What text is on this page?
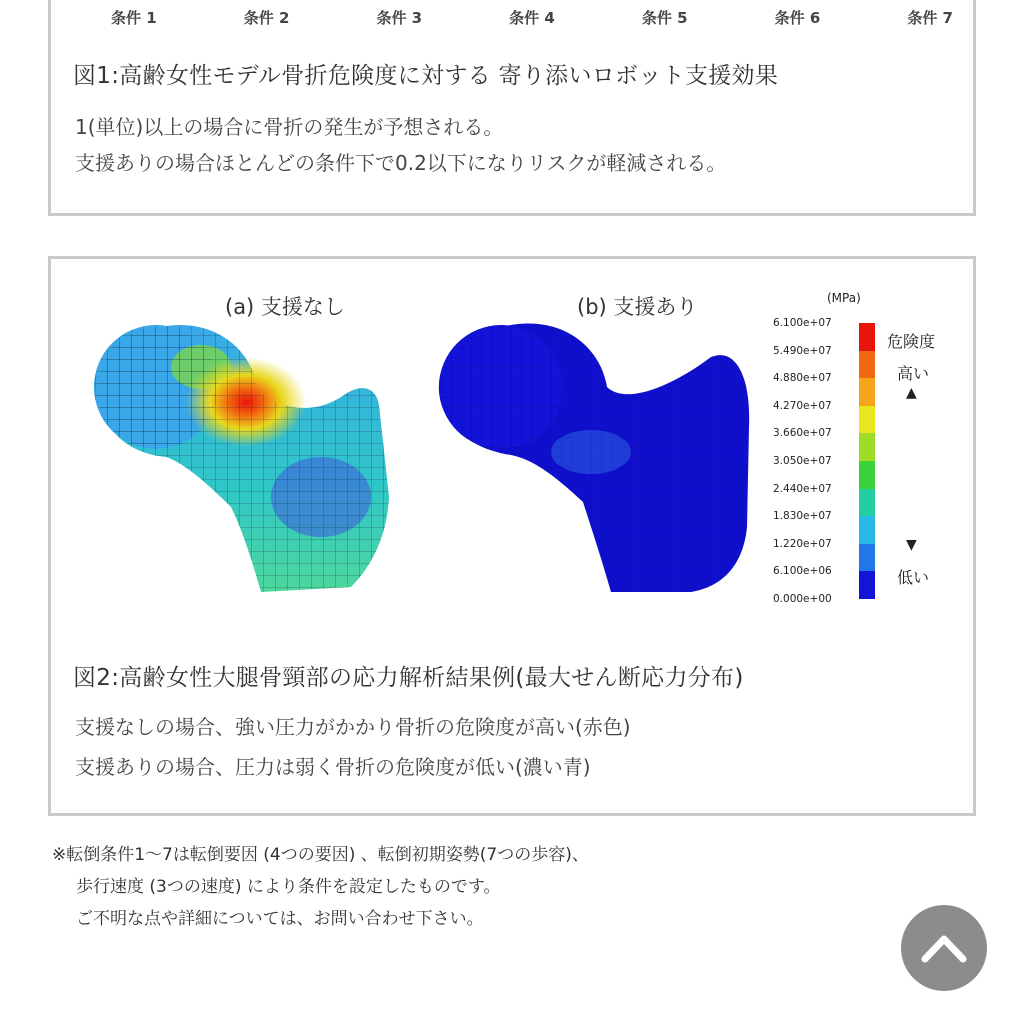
条件 1	条件 2	条件 3	条件 4	条件 5	条件 6	条件 7
図1:高齢女性モデル骨折危険度に対する 寄り添いロボット支援効果
1(単位)以上の場合に骨折の発生が予想される。
支援ありの場合ほとんどの条件下で0.2以下になりリスクが軽減される。
(a) 支援なし	(b) 支援あり	(MPa)
6.100e+07
5.490e+07
4.880e+07
4.270e+07
3.660e+07
3.050e+07
2.440e+07
1.830e+07
1.220e+07
6.100e+06
0.000e+00
危険度
高い
▲
▼
低い
図2:高齢女性大腿骨頸部の応力解析結果例(最大せん断応力分布)
支援なしの場合、強い圧力がかかり骨折の危険度が高い(赤色)
支援ありの場合、圧力は弱く骨折の危険度が低い(濃い青)
※転倒条件1〜7は転倒要因 (4つの要因) 、転倒初期姿勢(7つの歩容)、
歩行速度 (3つの速度) により条件を設定したものです。
ご不明な点や詳細については、お問い合わせ下さい。
